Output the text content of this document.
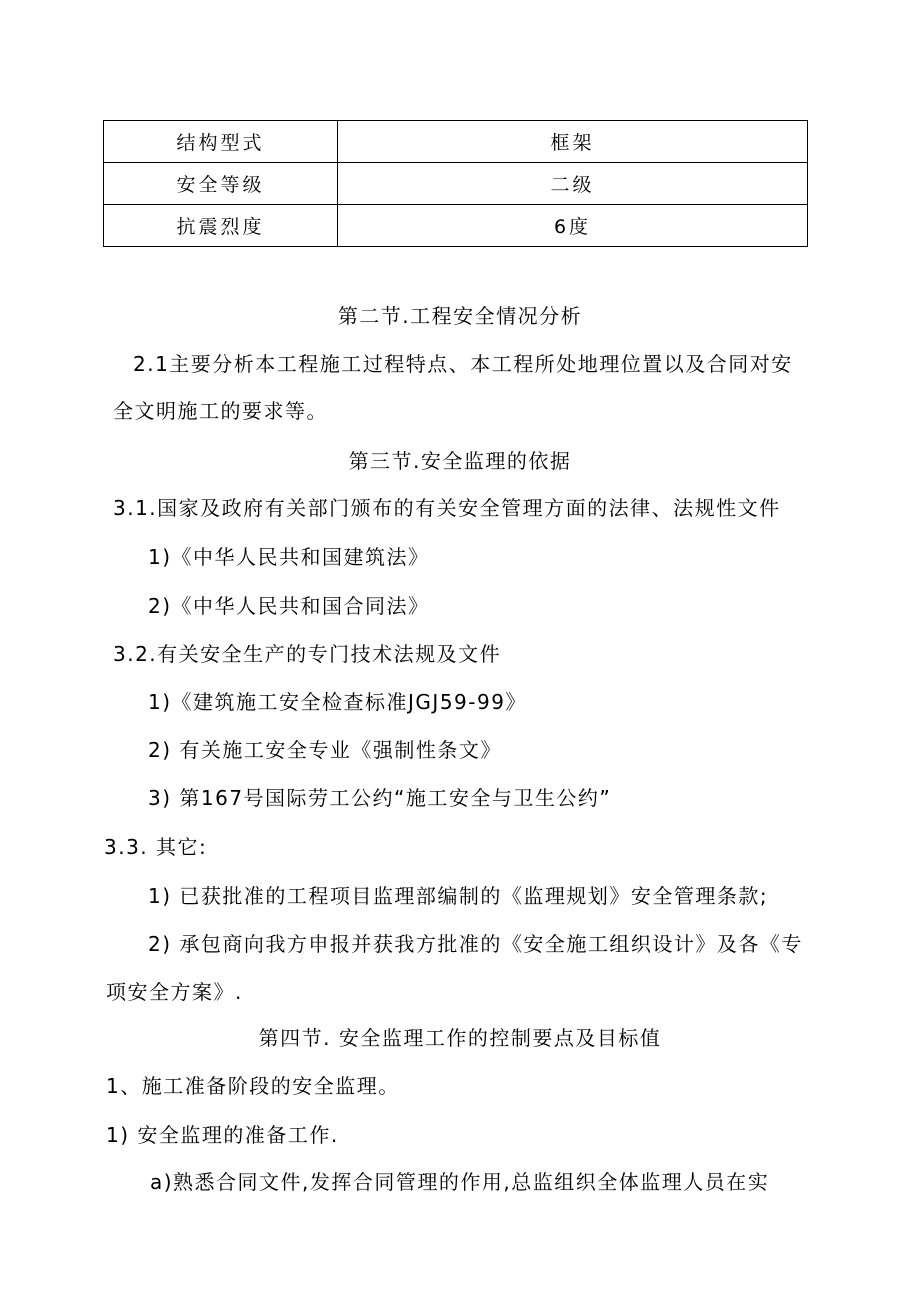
结构型式	框架
安全等级	二级
抗震烈度	6度
第二节.工程安全情况分析
2.1主要分析本工程施工过程特点、本工程所处地理位置以及合同对安
全文明施工的要求等。
第三节.安全监理的依据
3.1.国家及政府有关部门颁布的有关安全管理方面的法律、法规性文件
1)《中华人民共和国建筑法》
2)《中华人民共和国合同法》
3.2.有关安全生产的专门技术法规及文件
1)《建筑施工安全检查标准JGJ59-99》
2) 有关施工安全专业《强制性条文》
3) 第167号国际劳工公约“施工安全与卫生公约”
3.3. 其它:
1) 已获批准的工程项目监理部编制的《监理规划》安全管理条款;
2) 承包商向我方申报并获我方批准的《安全施工组织设计》及各《专
项安全方案》.
第四节. 安全监理工作的控制要点及目标值
1、施工准备阶段的安全监理。
1) 安全监理的准备工作.
a)熟悉合同文件,发挥合同管理的作用,总监组织全体监理人员在实
